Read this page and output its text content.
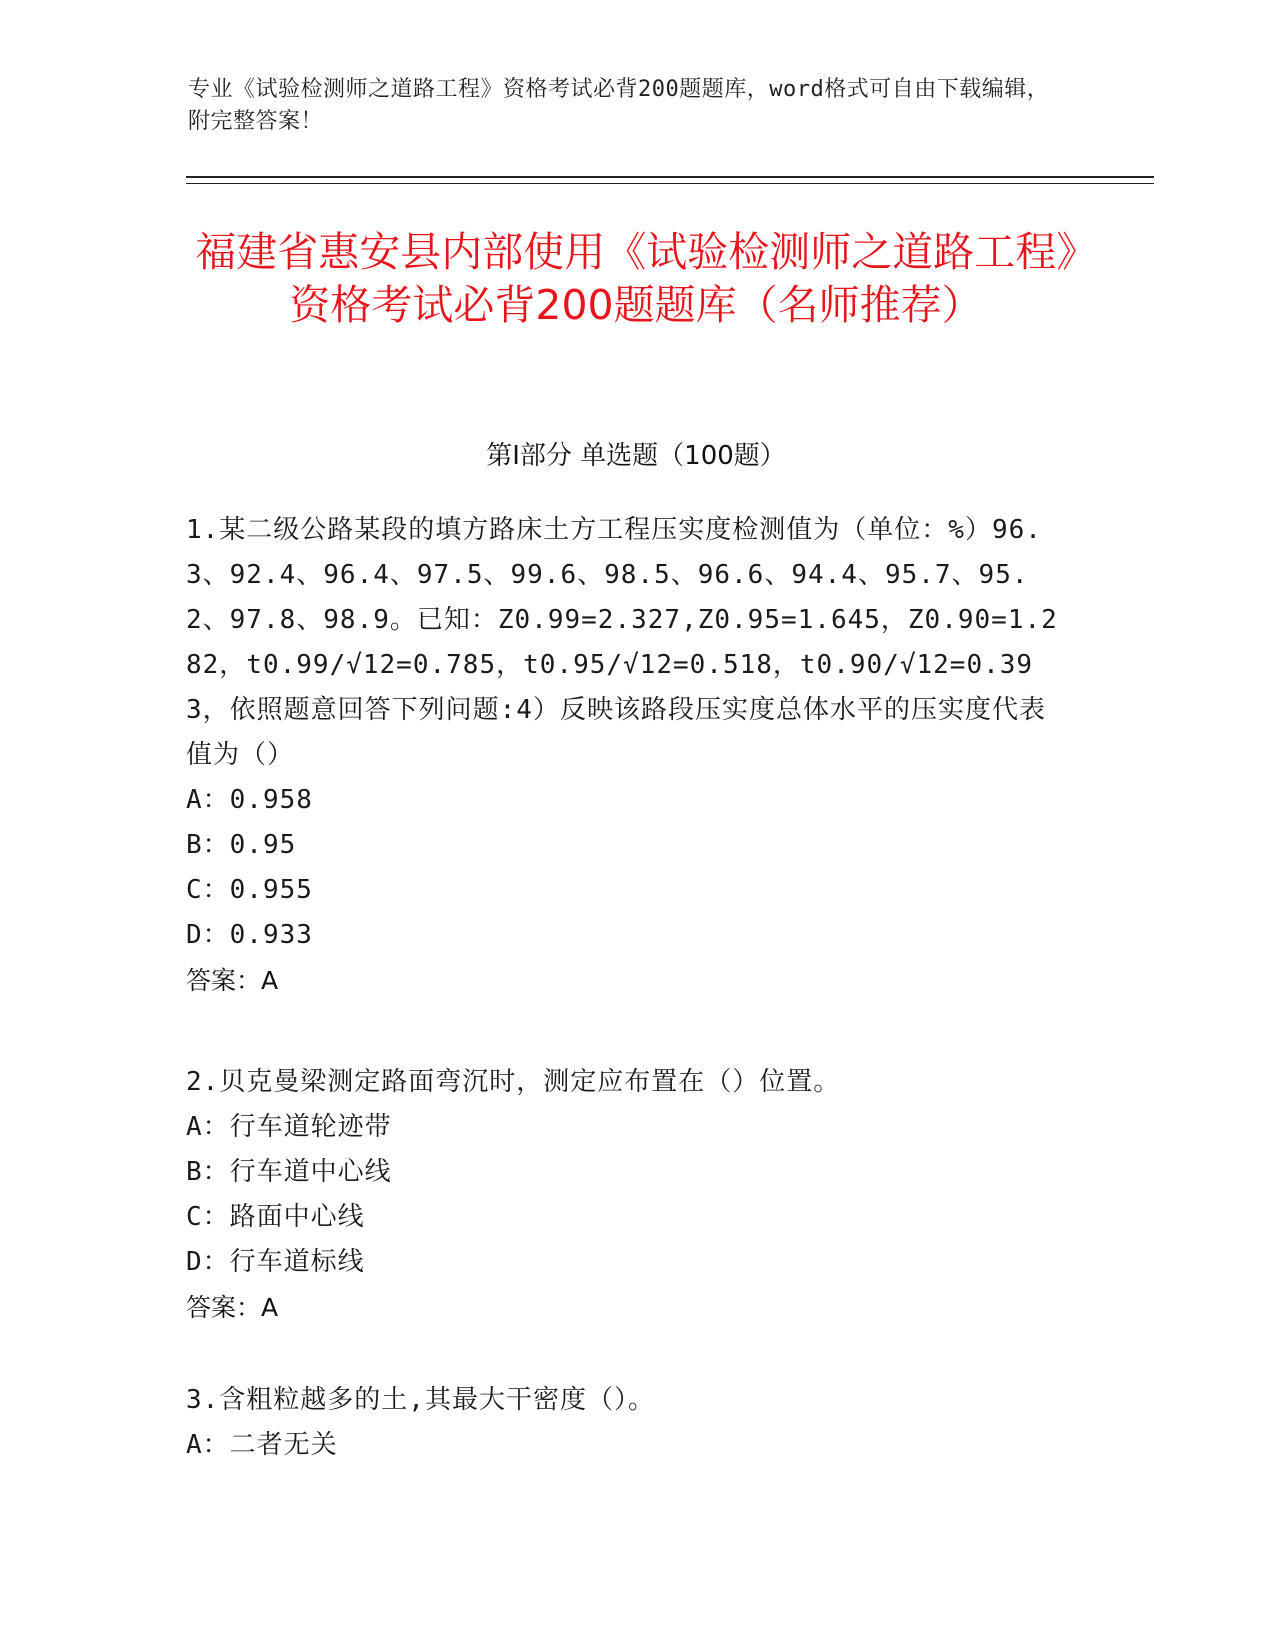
专业《试验检测师之道路工程》资格考试必背200题题库，word格式可自由下载编辑，附完整答案！
福建省惠安县内部使用《试验检测师之道路工程》资格考试必背200题题库（名师推荐）
第Ⅰ部分 单选题（100题）
1.某二级公路某段的填方路床土方工程压实度检测值为（单位：%）96.3、92.4、96.4、97.5、99.6、98.5、96.6、94.4、95.7、95.2、97.8、98.9。已知：Z0.99=2.327,Z0.95=1.645，Z0.90=1.282，t0.99/√12=0.785，t0.95/√12=0.518，t0.90/√12=0.393，依照题意回答下列问题:4）反映该路段压实度总体水平的压实度代表值为（）
A：0.958
B：0.95
C：0.955
D：0.933
答案：A
2.贝克曼梁测定路面弯沉时，测定应布置在（）位置。
A：行车道轮迹带
B：行车道中心线
C：路面中心线
D：行车道标线
答案：A
3.含粗粒越多的土,其最大干密度（）。
A：二者无关
